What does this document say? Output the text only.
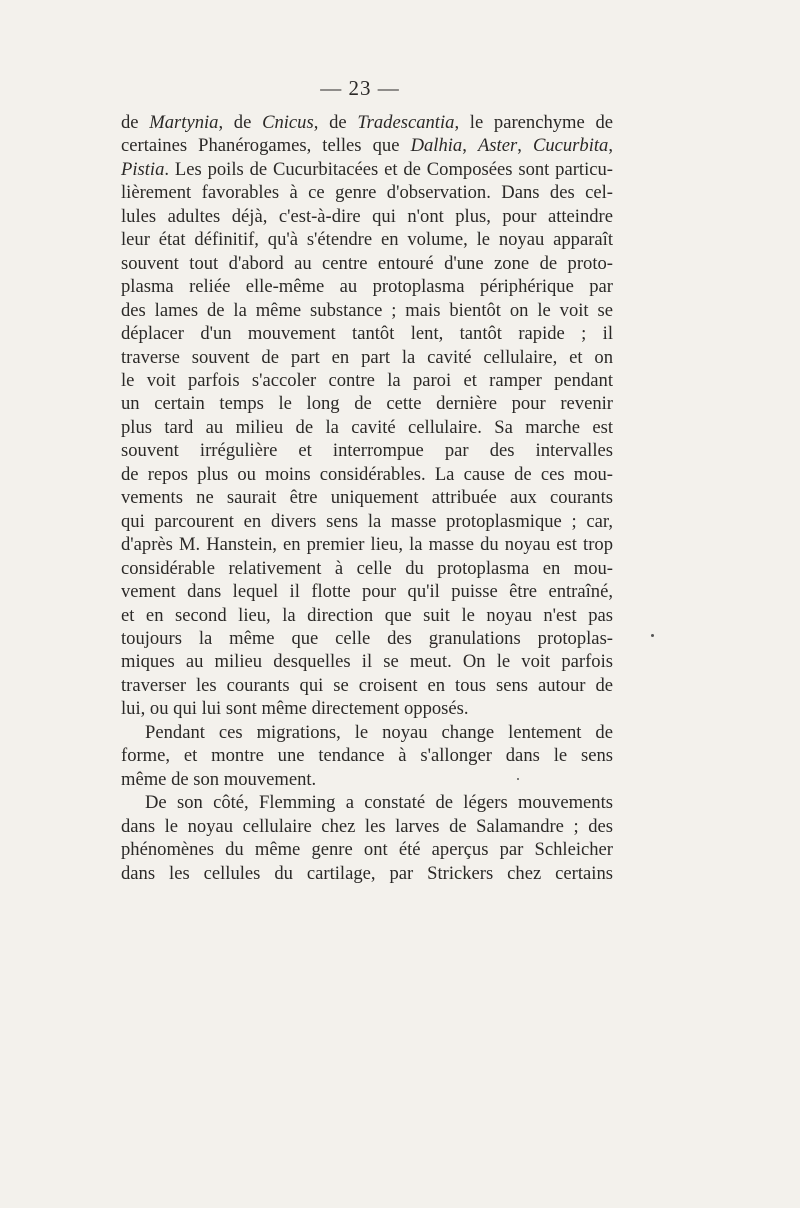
— 23 —

de Martynia, de Cnicus, de Tradescantia, le parenchyme de
certaines Phanérogames, telles que Dalhia, Aster, Cucurbita,
Pistia. Les poils de Cucurbitacées et de Composées sont particu-
lièrement favorables à ce genre d'observation. Dans des cel-
lules adultes déjà, c'est-à-dire qui n'ont plus, pour atteindre
leur état définitif, qu'à s'étendre en volume, le noyau apparaît
souvent tout d'abord au centre entouré d'une zone de proto-
plasma reliée elle-même au protoplasma périphérique par
des lames de la même substance ; mais bientôt on le voit se
déplacer d'un mouvement tantôt lent, tantôt rapide ; il
traverse souvent de part en part la cavité cellulaire, et on
le voit parfois s'accoler contre la paroi et ramper pendant
un certain temps le long de cette dernière pour revenir
plus tard au milieu de la cavité cellulaire. Sa marche est
souvent irrégulière et interrompue par des intervalles
de repos plus ou moins considérables. La cause de ces mou-
vements ne saurait être uniquement attribuée aux courants
qui parcourent en divers sens la masse protoplasmique ; car,
d'après M. Hanstein, en premier lieu, la masse du noyau est trop
considérable relativement à celle du protoplasma en mou-
vement dans lequel il flotte pour qu'il puisse être entraîné,
et en second lieu, la direction que suit le noyau n'est pas
toujours la même que celle des granulations protoplas-
miques au milieu desquelles il se meut. On le voit parfois
traverser les courants qui se croisent en tous sens autour de
lui, ou qui lui sont même directement opposés.

Pendant ces migrations, le noyau change lentement de
forme, et montre une tendance à s'allonger dans le sens
même de son mouvement.

De son côté, Flemming a constaté de légers mouvements
dans le noyau cellulaire chez les larves de Salamandre ; des
phénomènes du même genre ont été aperçus par Schleicher
dans les cellules du cartilage, par Strickers chez certains
